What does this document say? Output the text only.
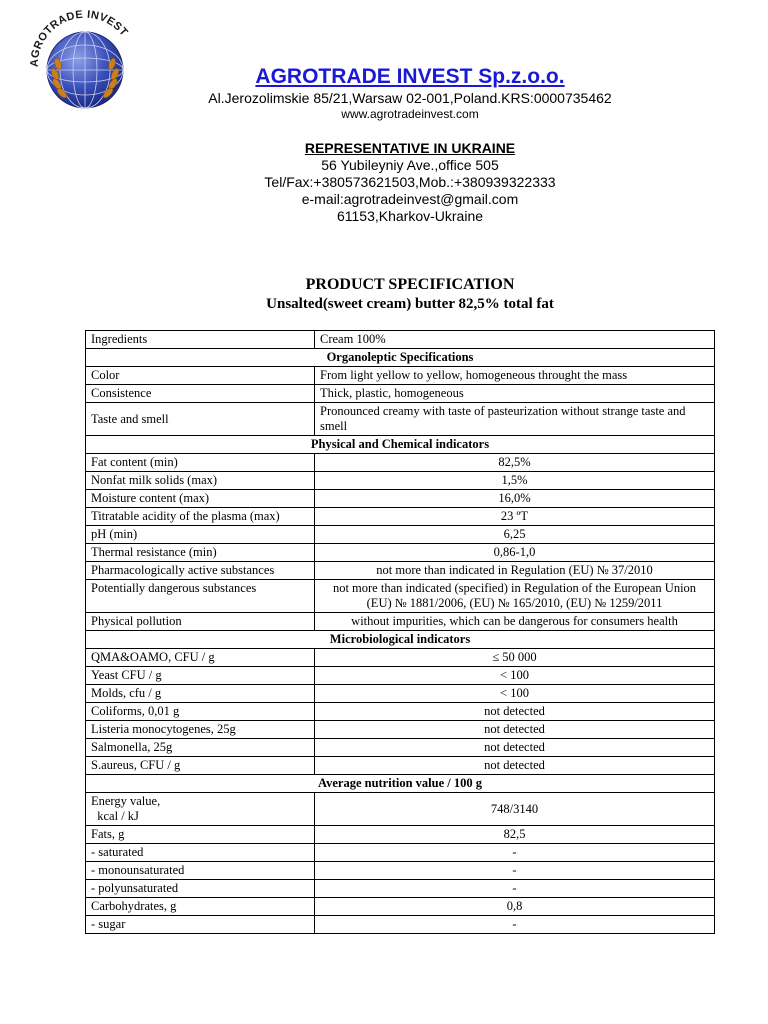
AGROTRADE INVEST
AGROTRADE INVEST Sp.z.o.o.
Al.Jerozolimskie 85/21,Warsaw 02-001,Poland.KRS:0000735462
www.agrotradeinvest.com
REPRESENTATIVE IN UKRAINE
56 Yubileyniy Ave.,office 505
Tel/Fax:+380573621503,Mob.:+380939322333
e-mail:agrotradeinvest@gmail.com
61153,Kharkov-Ukraine
PRODUCT SPECIFICATION
Unsalted(sweet cream) butter 82,5% total fat
Ingredients	Cream 100%
Organoleptic Specifications	
Color	From light yellow to yellow, homogeneous throught the mass
Consistence	Thick, plastic, homogeneous
Taste and smell	Pronounced creamy with taste of pasteurization without strange taste and smell
Physical and Chemical indicators	
Fat content (min)	82,5%
Nonfat milk solids (max)	1,5%
Moisture content (max)	16,0%
Titratable acidity of the plasma (max)	23 ºT
pH (min)	6,25
Thermal resistance (min)	0,86-1,0
Pharmacologically active substances	not more than indicated in Regulation (EU) № 37/2010
Potentially dangerous substances	not more than indicated (specified) in Regulation of the European Union (EU) № 1881/2006, (EU) № 165/2010, (EU) № 1259/2011
Physical pollution	without impurities, which can be dangerous for consumers health
Microbiological indicators	
QMA&OAMO, CFU / g	≤ 50 000
Yeast CFU / g	< 100
Molds, cfu / g	< 100
Coliforms, 0,01 g	not detected
Listeria monocytogenes, 25g	not detected
Salmonella, 25g	not detected
S.aureus, CFU / g	not detected
Average nutrition value / 100 g	
Energy value,
kcal / kJ	748/3140
Fats, g	82,5
- saturated	-
- monounsaturated	-
- polyunsaturated	-
Carbohydrates, g	0,8
- sugar	-
